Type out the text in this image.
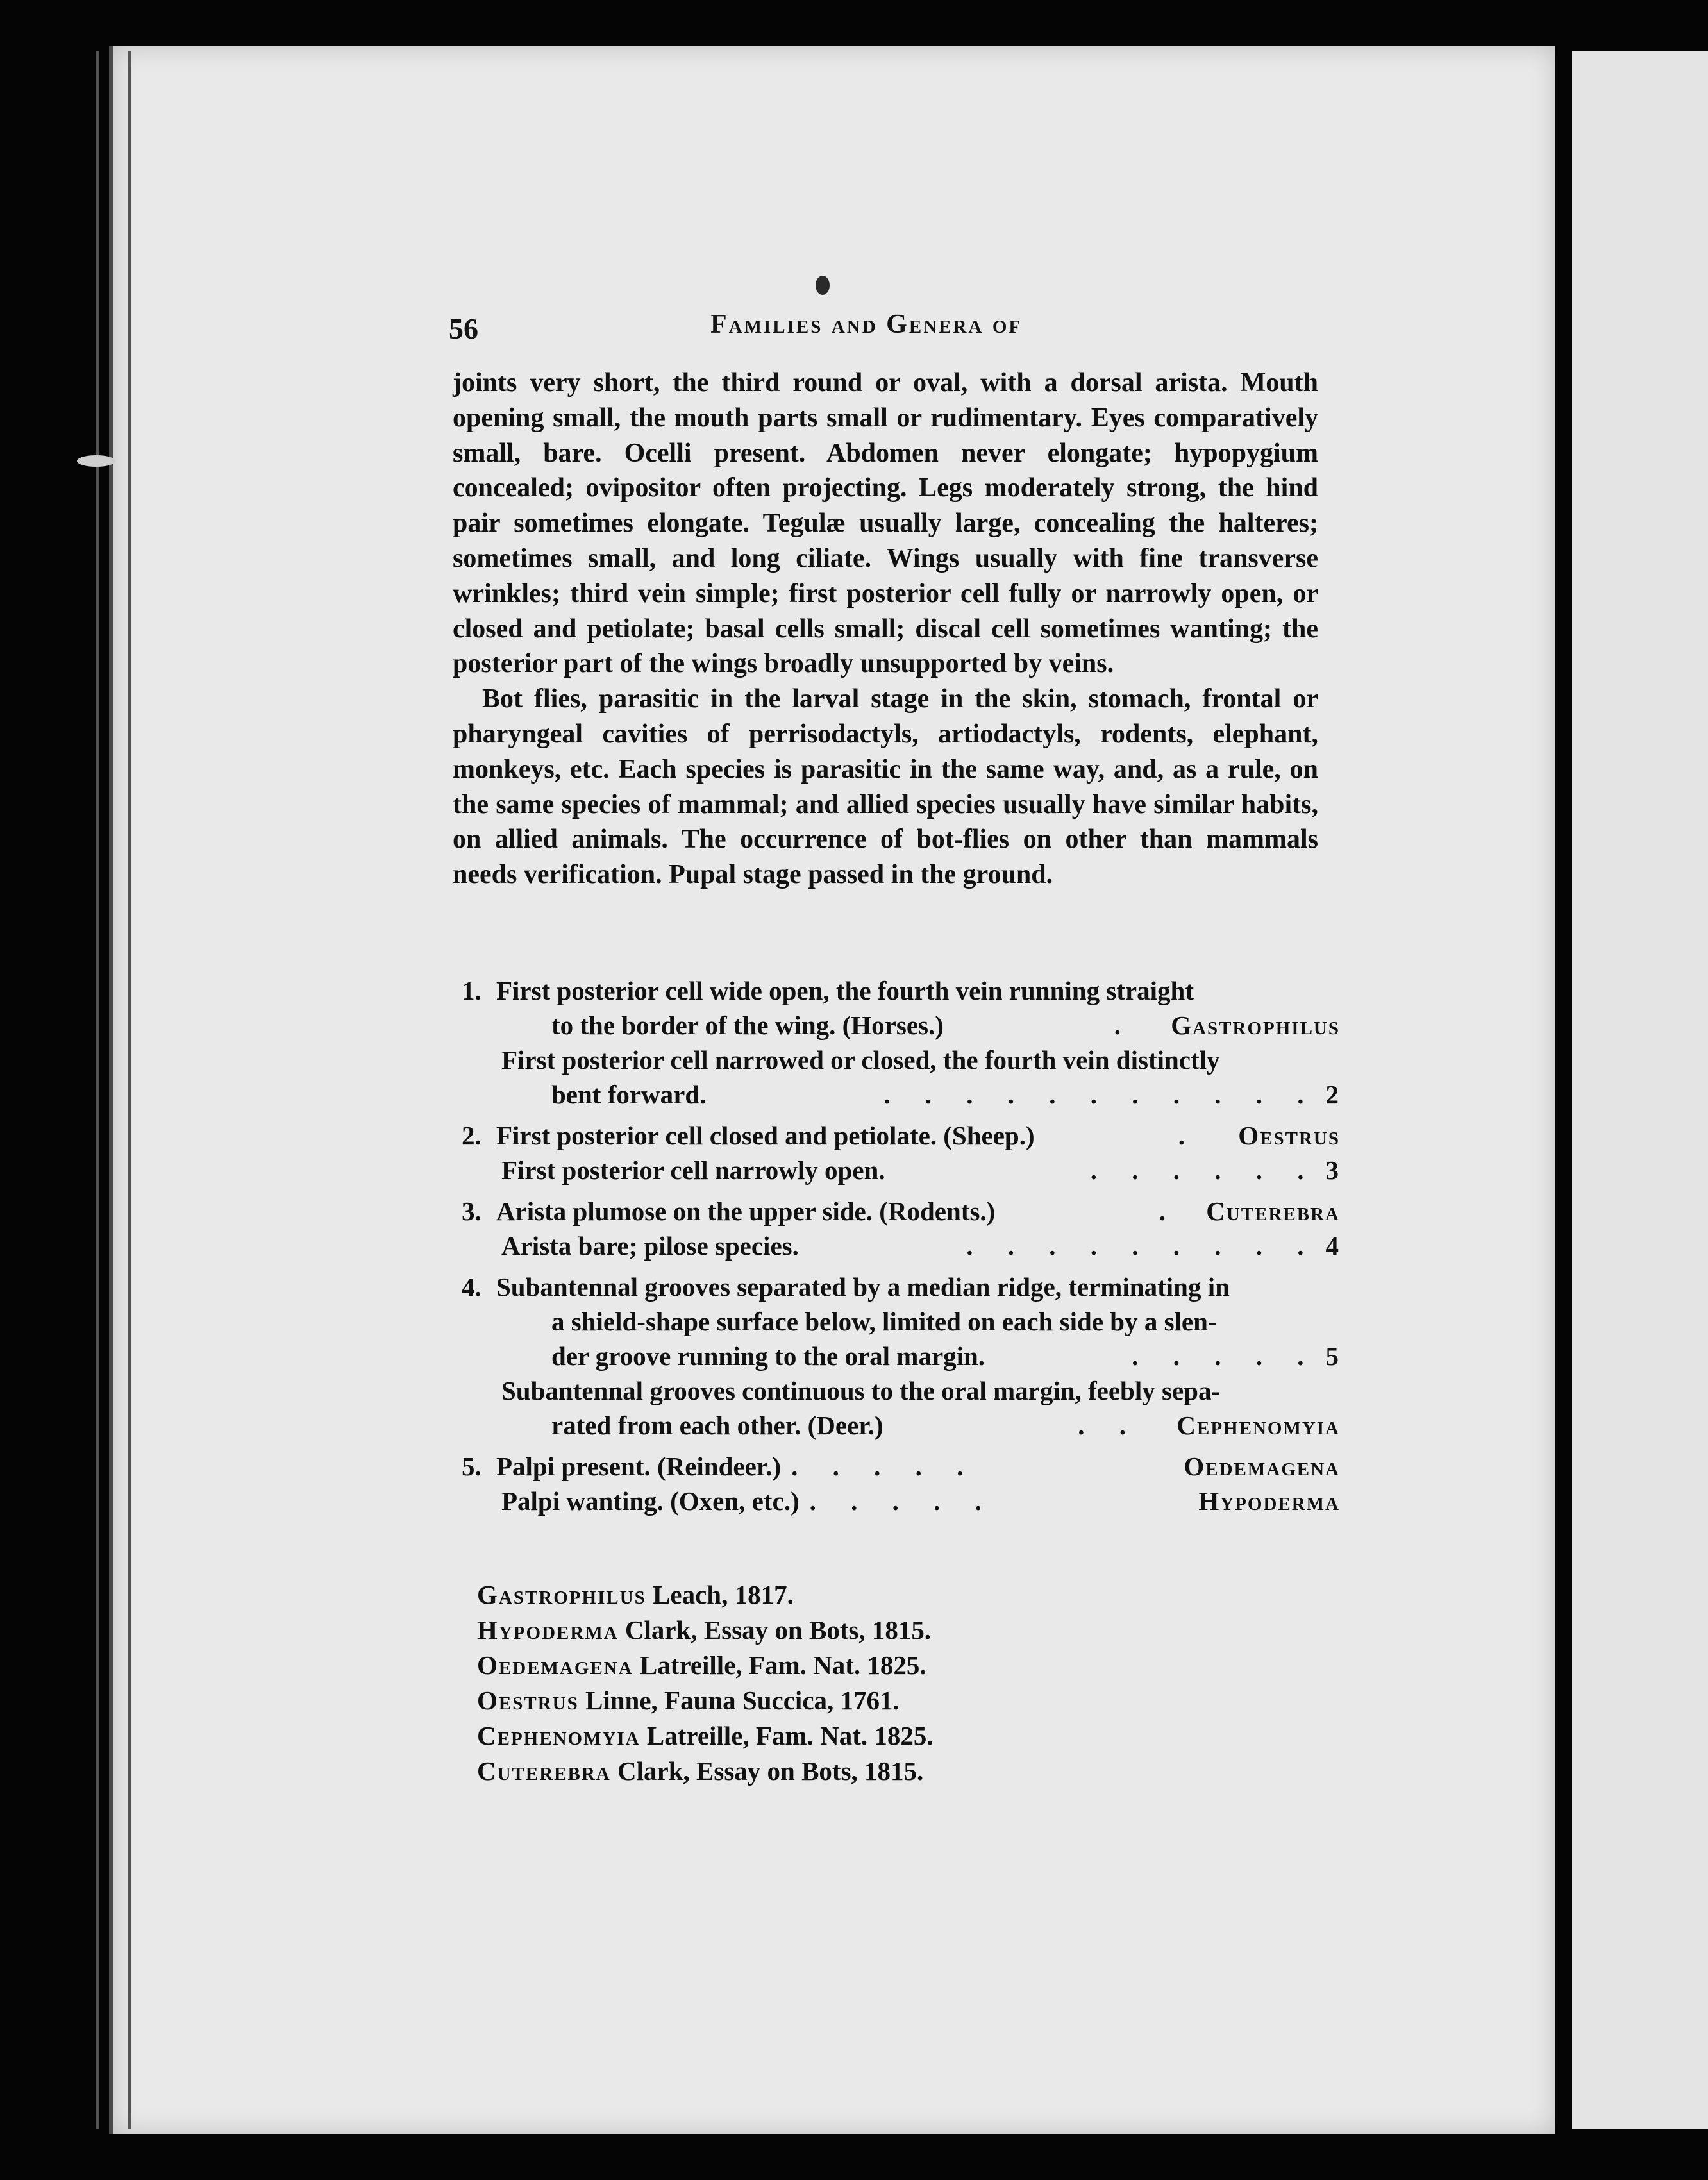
56	Families and Genera of

joints very short, the third round or oval, with a dorsal arista. Mouth opening small, the mouth parts small or rudimentary. Eyes comparatively small, bare. Ocelli present. Abdomen never elongate; hypopygium concealed; ovipositor often projecting. Legs moderately strong, the hind pair sometimes elongate. Tegulæ usually large, concealing the halteres; sometimes small, and long ciliate. Wings usually with fine transverse wrinkles; third vein simple; first posterior cell fully or narrowly open, or closed and petiolate; basal cells small; discal cell sometimes wanting; the posterior part of the wings broadly unsupported by veins.

Bot flies, parasitic in the larval stage in the skin, stomach, frontal or pharyngeal cavities of perrisodactyls, artiodactyls, rodents, elephant, monkeys, etc. Each species is parasitic in the same way, and, as a rule, on the same species of mammal; and allied species usually have similar habits, on allied animals. The occurrence of bot-flies on other than mammals needs verification. Pupal stage passed in the ground.

1. First posterior cell wide open, the fourth vein running straight
to the border of the wing. (Horses.)	.	Gastrophilus
First posterior cell narrowed or closed, the fourth vein distinctly
bent forward.	. . . . . . . . . . . 2
2. First posterior cell closed and petiolate. (Sheep.)	.	Oestrus
First posterior cell narrowly open.	. . . . . . 3
3. Arista plumose on the upper side. (Rodents.)	.	Cuterebra
Arista bare; pilose species.	. . . . . . . . . 4
4. Subantennal grooves separated by a median ridge, terminating in
a shield-shape surface below, limited on each side by a slen-
der groove running to the oral margin.	. . . . . 5
Subantennal grooves continuous to the oral margin, feebly sepa-
rated from each other. (Deer.)	. .	Cephenomyia
5. Palpi present. (Reindeer.) . . . . .	Oedemagena
Palpi wanting. (Oxen, etc.) . . . . .	Hypoderma
Gastrophilus Leach, 1817.
Hypoderma Clark, Essay on Bots, 1815.
Oedemagena Latreille, Fam. Nat. 1825.
Oestrus Linne, Fauna Succica, 1761.
Cephenomyia Latreille, Fam. Nat. 1825.
Cuterebra Clark, Essay on Bots, 1815.
